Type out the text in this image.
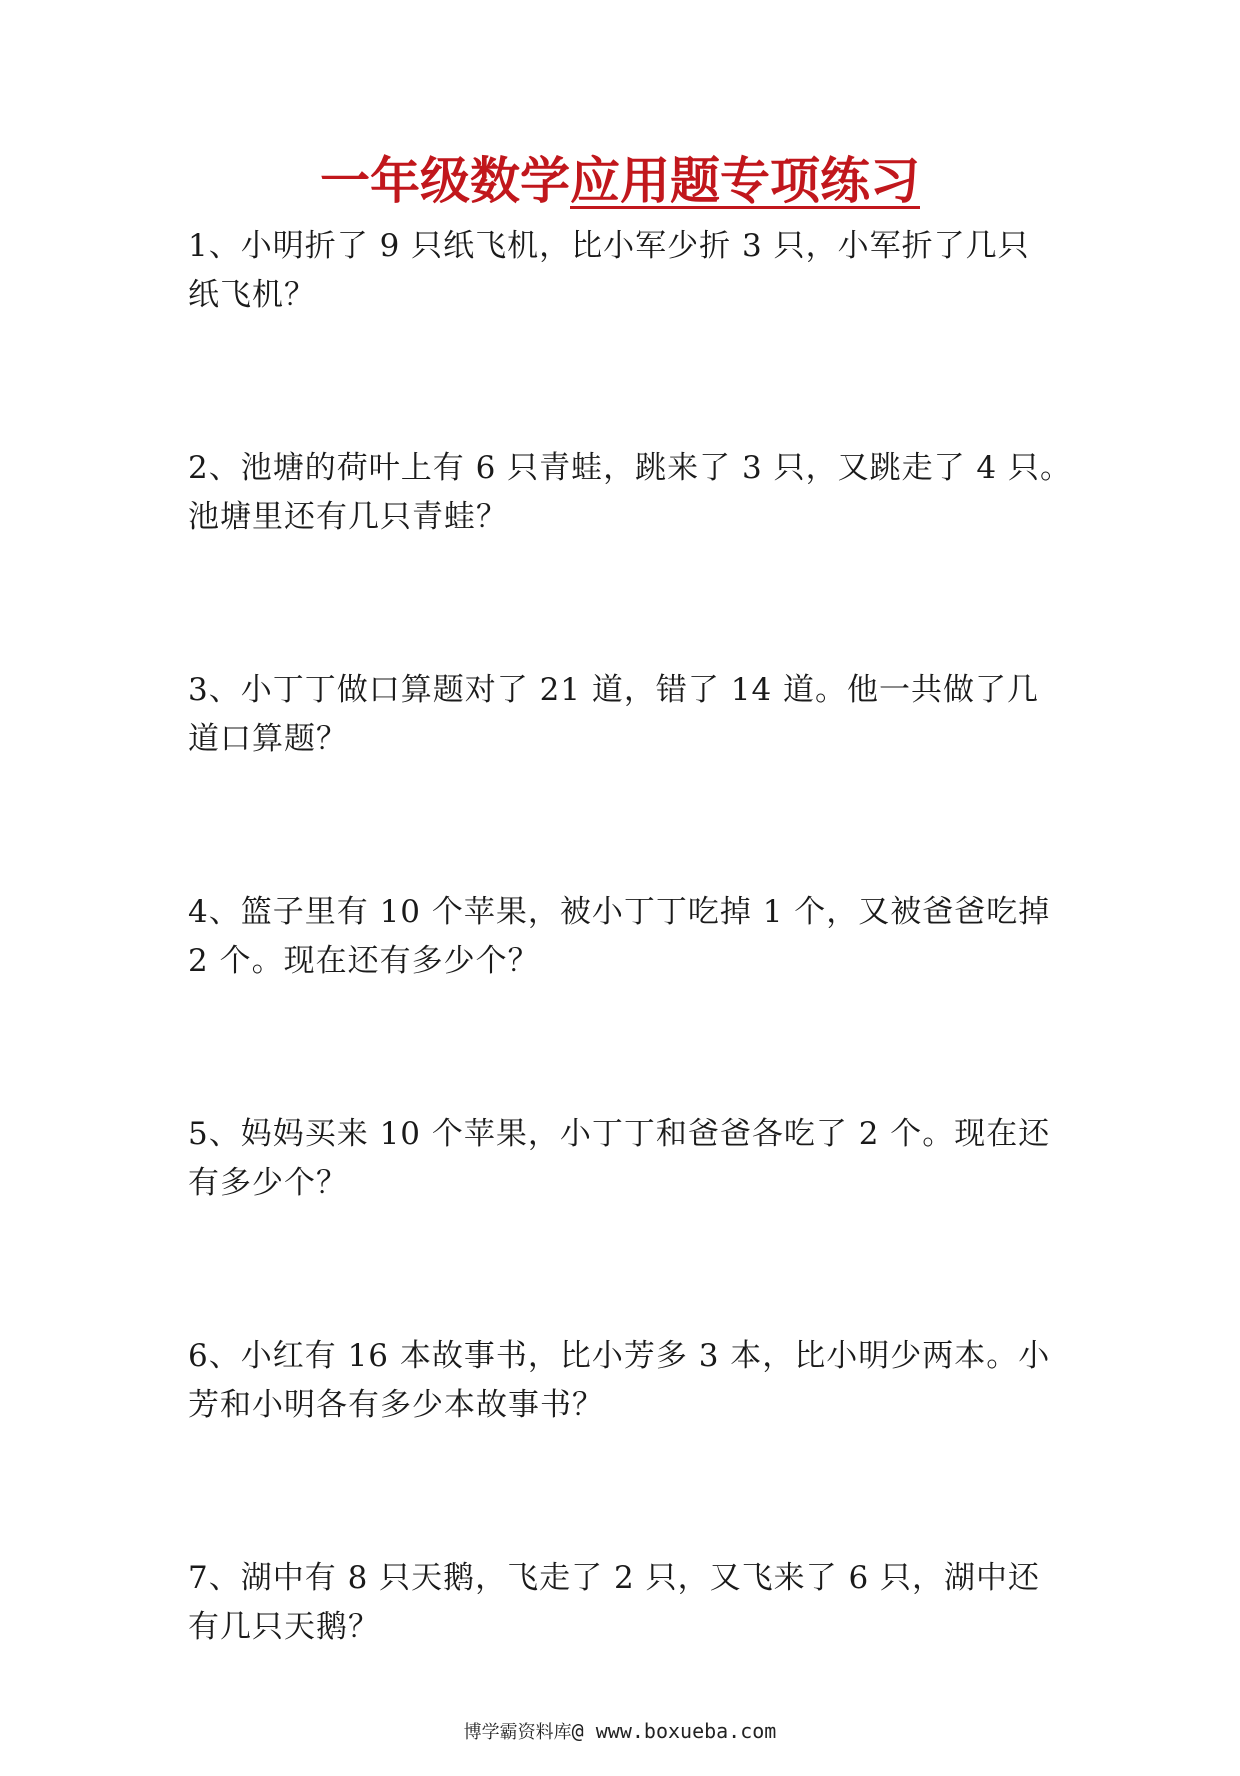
一年级数学应用题专项练习
1、小明折了 9 只纸飞机，比小军少折 3 只，小军折了几只
纸飞机？
2、池塘的荷叶上有 6 只青蛙，跳来了 3 只，又跳走了 4 只。
池塘里还有几只青蛙？
3、小丁丁做口算题对了 21 道，错了 14 道。他一共做了几
道口算题？
4、篮子里有 10 个苹果，被小丁丁吃掉 1 个，又被爸爸吃掉
2 个。现在还有多少个？
5、妈妈买来 10 个苹果，小丁丁和爸爸各吃了 2 个。现在还
有多少个？
6、小红有 16 本故事书，比小芳多 3 本，比小明少两本。小
芳和小明各有多少本故事书？
7、湖中有 8 只天鹅，飞走了 2 只，又飞来了 6 只，湖中还
有几只天鹅？
博学霸资料库@ www.boxueba.com
